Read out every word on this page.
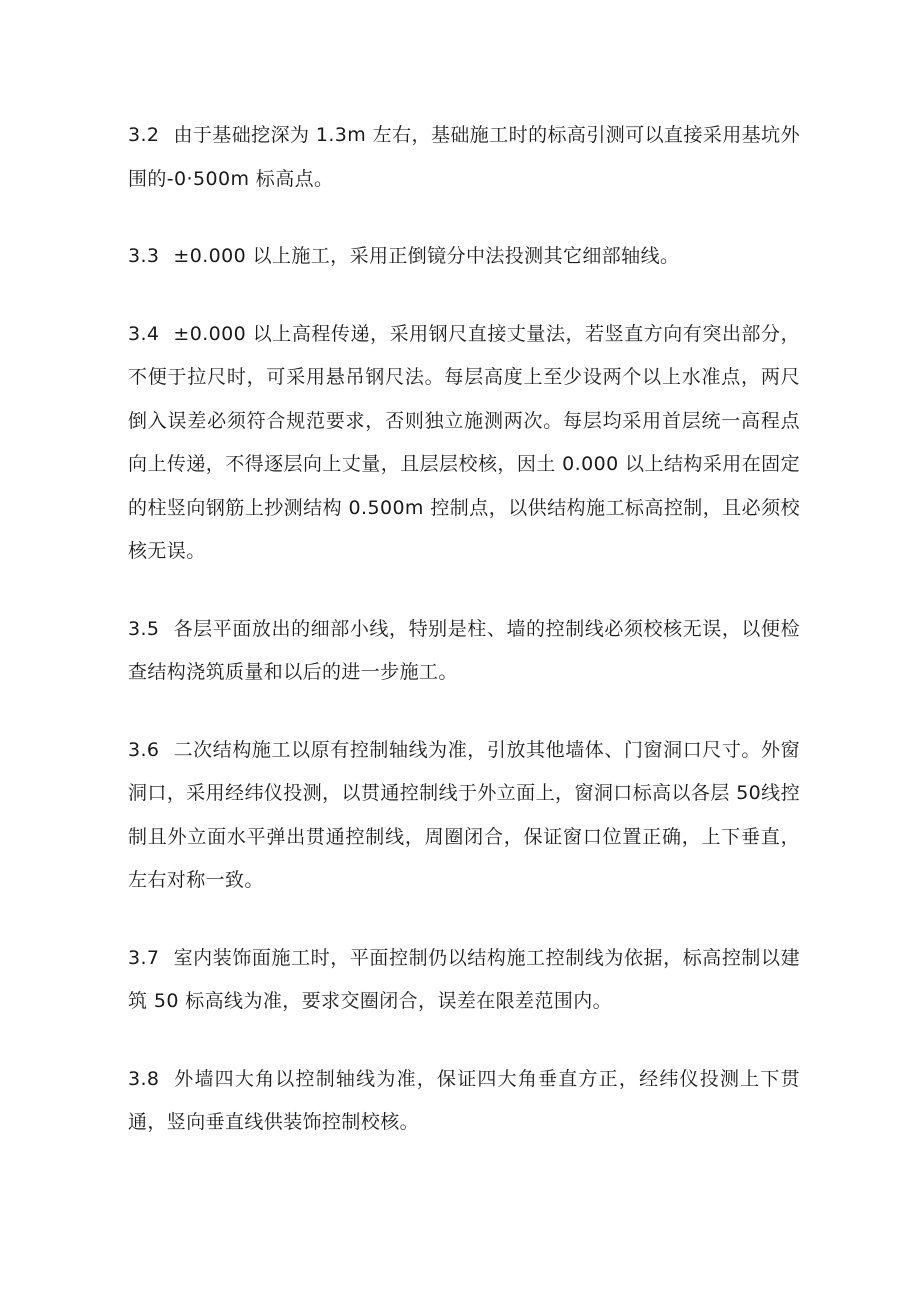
3.2 由于基础挖深为 1.3m 左右，基础施工时的标高引测可以直接采用基坑外围的-0·500m 标高点。

3.3 ±0.000 以上施工，采用正倒镜分中法投测其它细部轴线。

3.4 ±0.000 以上高程传递，采用钢尺直接丈量法，若竖直方向有突出部分，不便于拉尺时，可采用悬吊钢尺法。每层高度上至少设两个以上水准点，两尺倒入误差必须符合规范要求，否则独立施测两次。每层均采用首层统一高程点向上传递，不得逐层向上丈量，且层层校核，因土 0.000 以上结构采用在固定的柱竖向钢筋上抄测结构 0.500m 控制点，以供结构施工标高控制，且必须校核无误。

3.5 各层平面放出的细部小线，特别是柱、墙的控制线必须校核无误，以便检查结构浇筑质量和以后的进一步施工。

3.6 二次结构施工以原有控制轴线为准，引放其他墙体、门窗洞口尺寸。外窗洞口，采用经纬仪投测，以贯通控制线于外立面上，窗洞口标高以各层 50线控制且外立面水平弹出贯通控制线，周圈闭合，保证窗口位置正确，上下垂直，左右对称一致。

3.7 室内装饰面施工时，平面控制仍以结构施工控制线为依据，标高控制以建筑 50 标高线为准，要求交圈闭合，误差在限差范围内。

3.8 外墙四大角以控制轴线为准，保证四大角垂直方正，经纬仪投测上下贯通，竖向垂直线供装饰控制校核。
